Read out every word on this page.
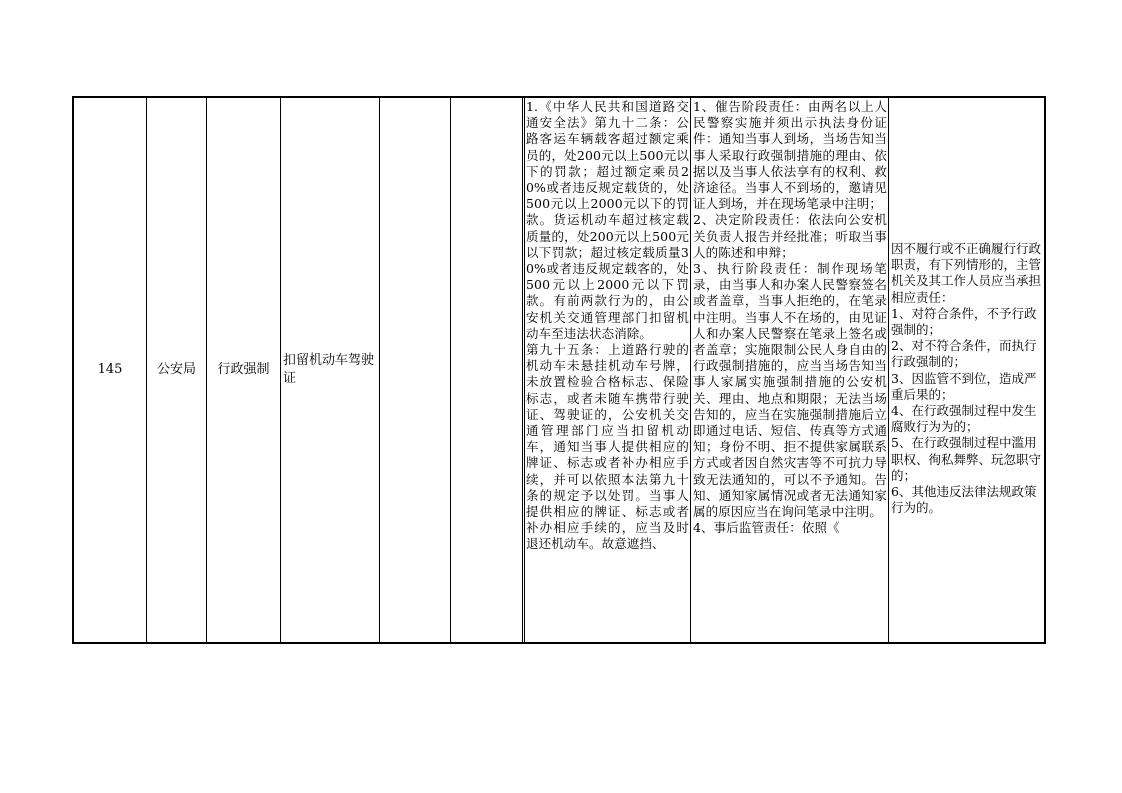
145	公安局 行政强制
扣留机动车驾驶证

1.《中华人民共和国道路交通安全法》第九十二条：公路客运车辆载客超过额定乘员的，处200元以上500元以下的罚款；超过额定乘员20%或者违反规定载货的，处500元以上2000元以下的罚款。货运机动车超过核定载质量的，处200元以上500元以下罚款；超过核定载质量30%或者违反规定载客的，处500元以上2000元以下罚款。有前两款行为的，由公安机关交通管理部门扣留机动车至违法状态消除。

第九十五条：上道路行驶的机动车未悬挂机动车号牌，未放置检验合格标志、保险标志，或者未随车携带行驶证、驾驶证的，公安机关交通管理部门应当扣留机动车，通知当事人提供相应的牌证、标志或者补办相应手续，并可以依照本法第九十条的规定予以处罚。当事人提供相应的牌证、标志或者补办相应手续的，应当及时退还机动车。故意遮挡、

1、催告阶段责任：由两名以上人民警察实施并须出示执法身份证件：通知当事人到场，当场告知当事人采取行政强制措施的理由、依据以及当事人依法享有的权利、救济途径。当事人不到场的，邀请见证人到场，并在现场笔录中注明；

2、决定阶段责任：依法向公安机关负责人报告并经批准；听取当事人的陈述和申辩；

3、执行阶段责任：制作现场笔录，由当事人和办案人民警察签名或者盖章，当事人拒绝的，在笔录中注明。当事人不在场的，由见证人和办案人民警察在笔录上签名或者盖章；实施限制公民人身自由的行政强制措施的，应当当场告知当事人家属实施强制措施的公安机关、理由、地点和期限；无法当场告知的，应当在实施强制措施后立即通过电话、短信、传真等方式通知；身份不明、拒不提供家属联系方式或者因自然灾害等不可抗力导致无法通知的，可以不予通知。告知、通知家属情况或者无法通知家属的原因应当在询问笔录中注明。

4、事后监管责任：依照《

因不履行或不正确履行行政职责，有下列情形的，主管机关及其工作人员应当承担相应责任：

1、对符合条件，不予行政强制的；

2、对不符合条件，而执行行政强制的；

3、因监管不到位，造成严重后果的；

4、在行政强制过程中发生腐败行为为的；

5、在行政强制过程中滥用职权、徇私舞弊、玩忽职守的；

6、其他违反法律法规政策行为的。
